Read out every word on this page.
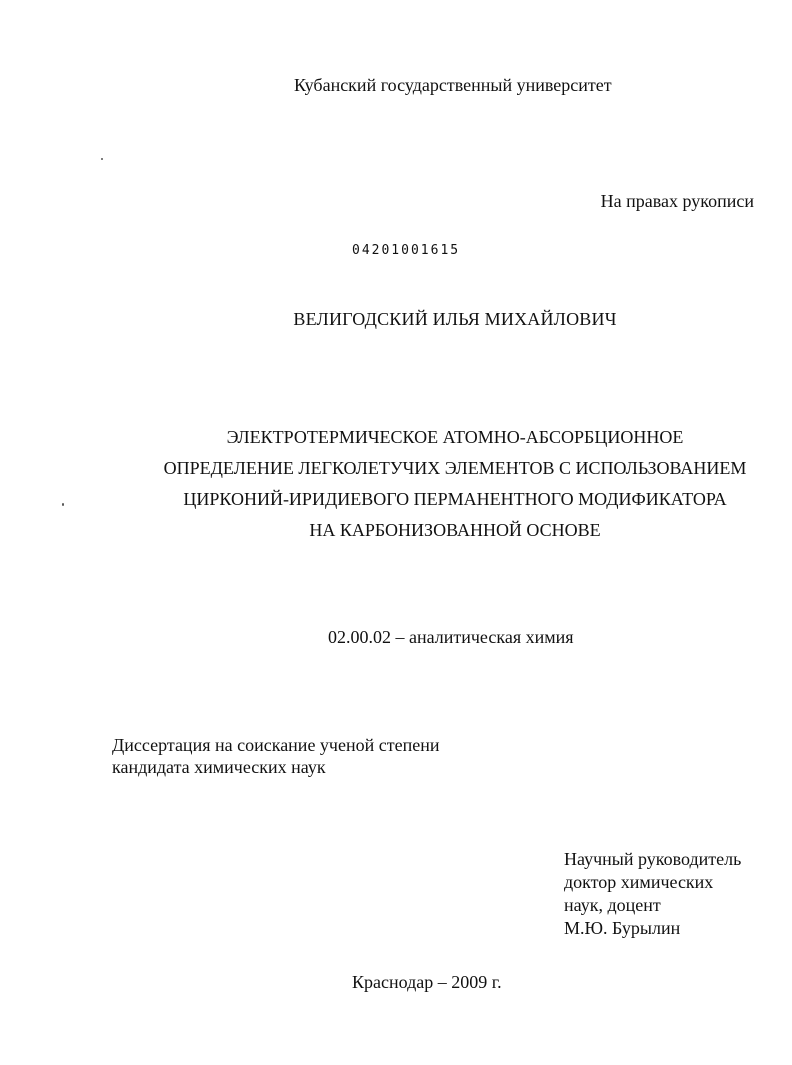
Кубанский государственный университет
На правах рукописи
04201001615
ВЕЛИГОДСКИЙ ИЛЬЯ МИХАЙЛОВИЧ
ЭЛЕКТРОТЕРМИЧЕСКОЕ АТОМНО-АБСОРБЦИОННОЕ
ОПРЕДЕЛЕНИЕ ЛЕГКОЛЕТУЧИХ ЭЛЕМЕНТОВ С ИСПОЛЬЗОВАНИЕМ
ЦИРКОНИЙ-ИРИДИЕВОГО ПЕРМАНЕНТНОГО МОДИФИКАТОРА
НА КАРБОНИЗОВАННОЙ ОСНОВЕ
02.00.02 – аналитическая химия
Диссертация на соискание ученой степени
кандидата химических наук
Научный руководитель
доктор химических
наук, доцент
М.Ю. Бурылин
Краснодар – 2009 г.
